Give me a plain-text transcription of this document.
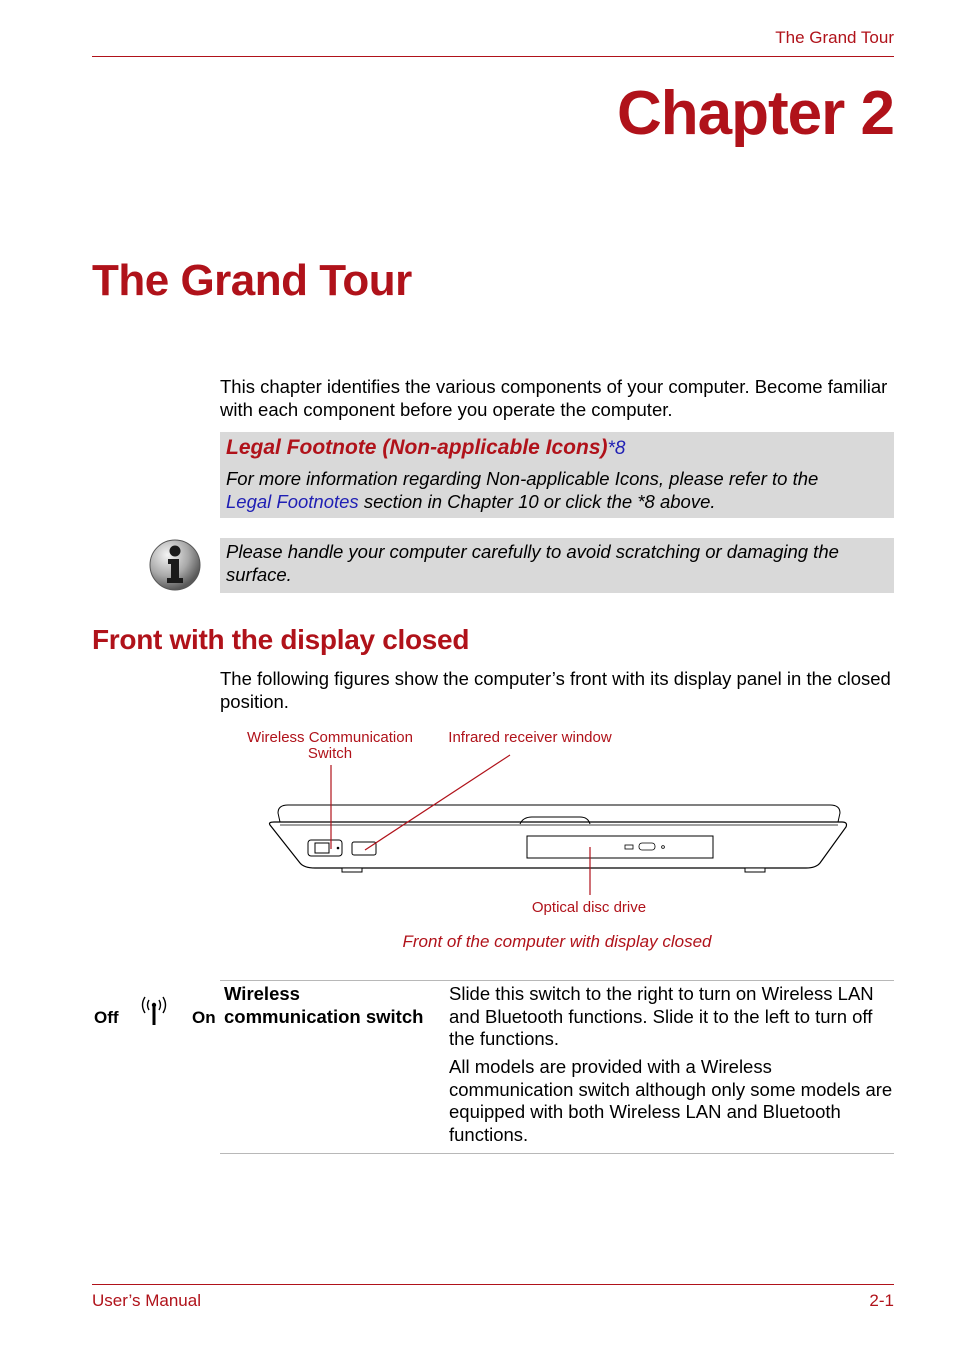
The Grand Tour
Chapter 2
The Grand Tour
This chapter identifies the various components of your computer. Become familiar with each component before you operate the computer.
Legal Footnote (Non-applicable Icons)*8
For more information regarding Non-applicable Icons, please refer to the
Legal Footnotes section in Chapter 10 or click the *8 above.
Please handle your computer carefully to avoid scratching or damaging the surface.
Front with the display closed
The following figures show the computer’s front with its display panel in the closed position.
Wireless Communication
Switch
Infrared receiver window
Optical disc drive
Front of the computer with display closed
Off	On
Wireless communication switch
Slide this switch to the right to turn on Wireless LAN and Bluetooth functions. Slide it to the left to turn off the functions.
All models are provided with a Wireless communication switch although only some models are equipped with both Wireless LAN and Bluetooth functions.
User’s Manual	2-1
